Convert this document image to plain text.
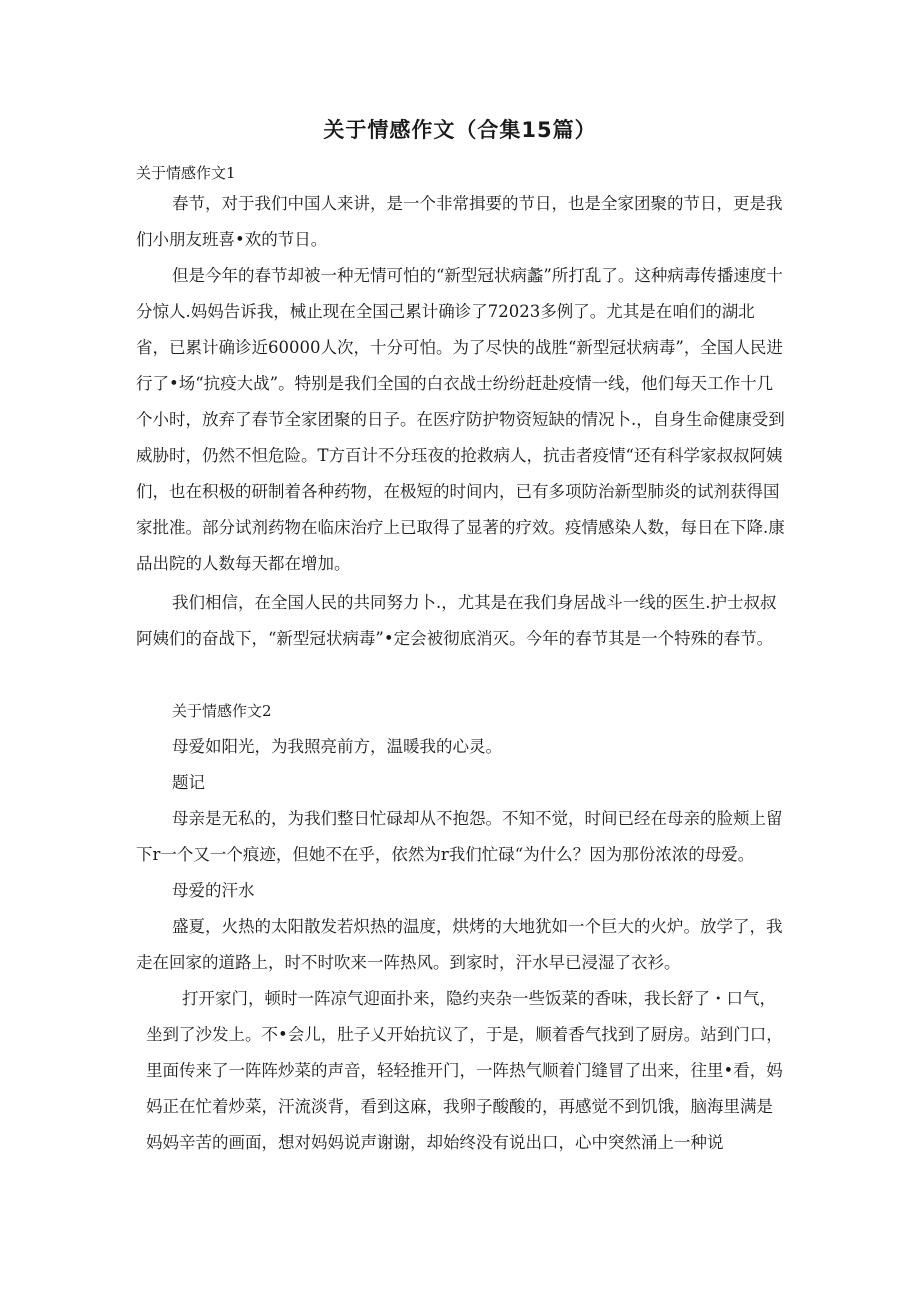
关于情感作文（合集15篇）

关于情感作文1

春节，对于我们中国人来讲，是一个非常揖要的节日，也是全家团聚的节日，更是我们小朋友班喜•欢的节日。

但是今年的春节却被一种无情可怕的“新型冠状病蠡”所打乱了。这种病毒传播速度十分惊人.妈妈告诉我，械止现在全国己累计确诊了72023多例了。尤其是在咱们的湖北省，已累计确诊近60000人次，十分可怕。为了尽快的战胜“新型冠状病毒”，全国人民进行了•场“抗疫大战”。特别是我们全国的白衣战士纷纷赶赴疫情一线，他们每天工作十几个小时，放弃了春节全家团聚的日子。在医疗防护物资短缺的情况卜.，自身生命健康受到威胁时，仍然不怛危险。T方百计不分珏夜的抢救病人，抗击者疫情“还有科学家叔叔阿姨们，也在积极的研制着各种药物，在极短的时间内，已有多项防治新型肺炎的试剂获得国家批准。部分试剂药物在临床治疗上已取得了显著的疗效。疫情感染人数，每日在下降.康品出院的人数每天都在增加。

我们相信，在全国人民的共同努力卜.，尤其是在我们身居战斗一线的医生.护士叔叔阿姨们的奋战下，“新型冠状病毒”•定会被彻底消灭。今年的春节其是一个特殊的春节。

关于情感作文2

母爱如阳光，为我照亮前方，温暖我的心灵。

题记

母亲是无私的，为我们整日忙碌却从不抱怨。不知不觉，时间已经在母亲的脸颊上留下r一个又一个痕迹，但她不在乎，依然为r我们忙碌“为什么？因为那份浓浓的母爱。

母爱的汗水

盛夏，火热的太阳散发若炽热的温度，烘烤的大地犹如一个巨大的火炉。放学了，我走在回家的道路上，时不时吹来一阵热风。到家时，汗水早已浸湿了衣衫。

打开家门，顿时一阵凉气迎面扑来，隐约夹杂一些饭菜的香味，我长舒了・口气，坐到了沙发上。不•会儿，肚子乂开始抗议了，于是，顺着香气找到了厨房。站到门口，里面传来了一阵阵炒菜的声音，轻轻推开门，一阵热气顺着门缝冒了出来，往里•看，妈妈正在忙着炒菜，汗流淡背，看到这麻，我卵子酸酸的，再感觉不到饥饿，脑海里满是妈妈辛苦的画面，想对妈妈说声谢谢，却始终没有说出口，心中突然涌上一种说
